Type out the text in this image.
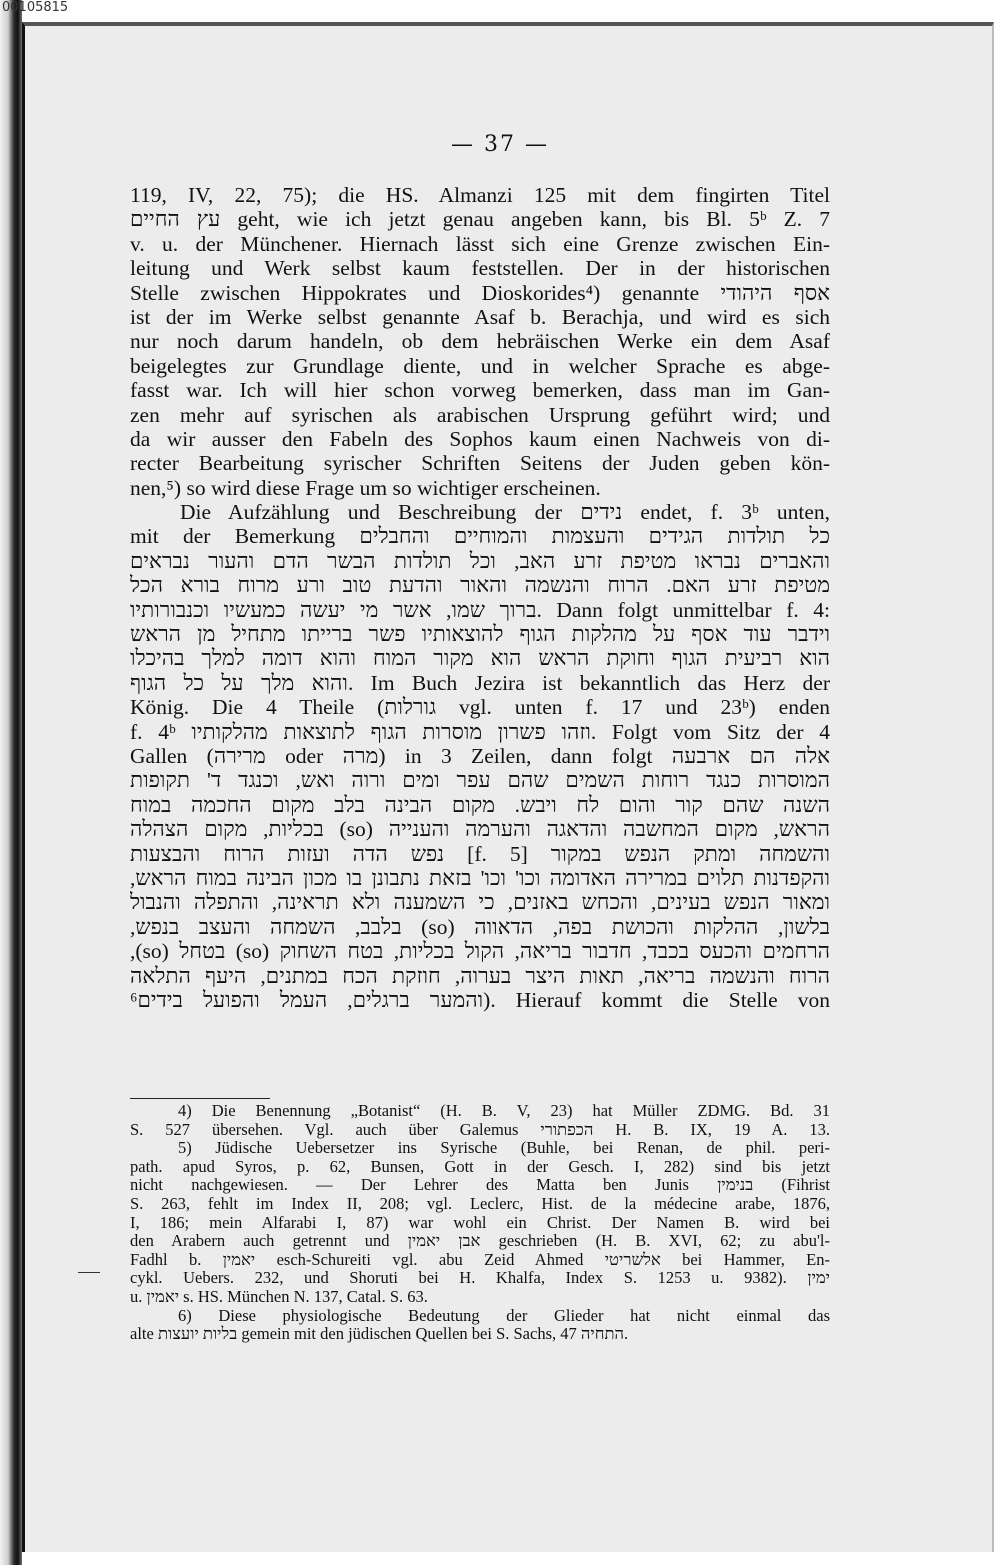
00105815
— 37 —
119, IV, 22, 75); die HS. Almanzi 125 mit dem fingirten Titel
עץ החיים geht, wie ich jetzt genau angeben kann, bis Bl. 5ᵇ Z. 7
v. u. der Münchener. Hiernach lässt sich eine Grenze zwischen Ein-
leitung und Werk selbst kaum feststellen. Der in der historischen
Stelle zwischen Hippokrates und Dioskorides⁴) genannte אסף היהודי
ist der im Werke selbst genannte Asaf b. Berachja, und wird es sich
nur noch darum handeln, ob dem hebräischen Werke ein dem Asaf
beigelegtes zur Grundlage diente, und in welcher Sprache es abge-
fasst war. Ich will hier schon vorweg bemerken, dass man im Gan-
zen mehr auf syrischen als arabischen Ursprung geführt wird; und
da wir ausser den Fabeln des Sophos kaum einen Nachweis von di-
recter Bearbeitung syrischer Schriften Seitens der Juden geben kön-
nen,⁵) so wird diese Frage um so wichtiger erscheinen.
Die Aufzählung und Beschreibung der נידים endet, f. 3ᵇ unten,
mit der Bemerkung כל תולדות הגידים והעצמות והמוחיים והחבלים
והאברים נבראו מטיפת זרע האב, וכל תולדות הבשר הדם והעור נבראים
מטיפת זרע האם. הרוח והנשמה והאור והדעת טוב ורע מרוח בורא הכל
ברוך שמו, אשר מי יעשה כמעשיו וכנבורותיו. Dann folgt unmittelbar f. 4:
וידבר עוד אסף על מהלקות הגוף להוצאותיו פשר ברייתו מתחיל מן הראש
הוא רביעית הגוף וחוקת הראש הוא מקור המוח והוא דומה למלך בהיכלו
והוא מלך על כל הגוף. Im Buch Jezira ist bekanntlich das Herz der
König. Die 4 Theile (גורלות vgl. unten f. 17 und 23ᵇ) enden
f. 4ᵇ וזהו פשרון מוסרות הגוף לתוצאות מהלקותיו. Folgt vom Sitz der 4
Gallen (מרירה oder מרה) in 3 Zeilen, dann folgt אלה הם ארבעה
המוסרות כנגד רוחות השמים שהם עפר ומים ורוה ואש, וכנגד ד' תקופות
השנה שהם קור והום לח ויבש. מקום הבינה בלב מקום החכמה במוח
הראש, מקום המחשבה והדאגה והערמה והענייה (so) בכליות, מקום הצהלה
והשמחה ומתק הנפש במקור [f. 5] נפש הדה ועזות הרוח והבצעות
והקפדנות תלוים במרירה האדומה וכו' וכו' בזאת נתבונן בו מכון הבינה במוח הראש,
ומאור הנפש בעינים, והכחש באזנים, כי השמענה ולא תראינה, והתפלה והנבול
בלשון, ההלקות והכושת בפה, הדאווה (so) בלבב, השמחה והעצב בנפש,
הרחמים והכעס בכבד, חדבור בריאה, הקול בכליות, בטח השחוק (so) בטחל (so),
הרוח והנשמה בריאה, תאות היצר בערוה, חוזקת הכח במתנים, היעף התלאה
והמער ברגלים, העמל והפועל בידים⁶). Hierauf kommt die Stelle von
4) Die Benennung „Botanist“ (H. B. V, 23) hat Müller ZDMG. Bd. 31
S. 527 übersehen. Vgl. auch über Galemus הכפתורי H. B. IX, 19 A. 13.
5) Jüdische Uebersetzer ins Syrische (Buhle, bei Renan, de phil. peri-
path. apud Syros, p. 62, Bunsen, Gott in der Gesch. I, 282) sind bis jetzt
nicht nachgewiesen. — Der Lehrer des Matta ben Junis בנימין (Fihrist
S. 263, fehlt im Index II, 208; vgl. Leclerc, Hist. de la médecine arabe, 1876,
I, 186; mein Alfarabi I, 87) war wohl ein Christ. Der Namen B. wird bei
den Arabern auch getrennt und אבן יאמין geschrieben (H. B. XVI, 62; zu abu'l-
Fadhl b. יאמין esch-Schureiti vgl. abu Zeid Ahmed אלשריטי bei Hammer, En-
cykl. Uebers. 232, und Shoruti bei H. Khalfa, Index S. 1253 u. 9382). ימין
u. יאמין s. HS. München N. 137, Catal. S. 63.
6) Diese physiologische Bedeutung der Glieder hat nicht einmal das
alte בליות יועצות gemein mit den jüdischen Quellen bei S. Sachs, התחיה 47.
